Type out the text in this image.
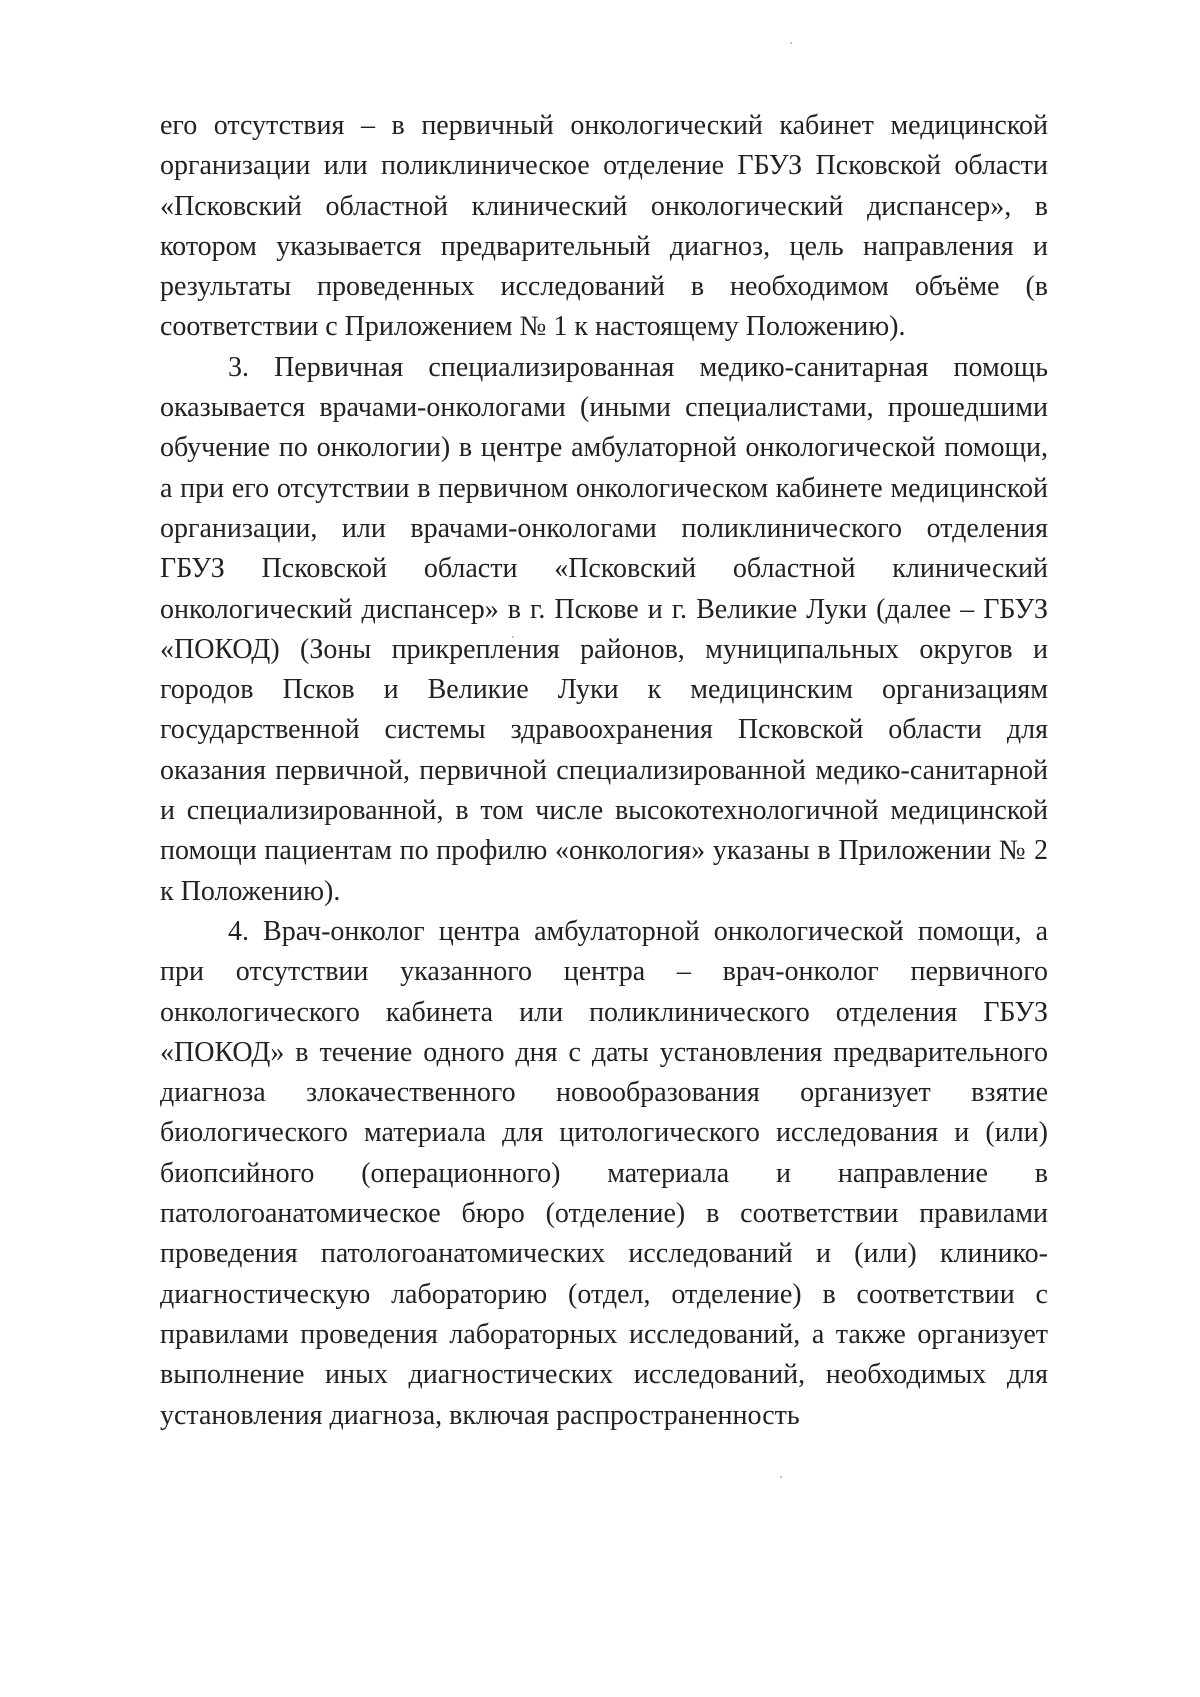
его отсутствия – в первичный онкологический кабинет медицинской организации или поликлиническое отделение ГБУЗ Псковской области «Псковский областной клинический онкологический диспансер», в котором указывается предварительный диагноз, цель направления и результаты проведенных исследований в необходимом объёме (в соответствии с Приложением № 1 к настоящему Положению).

3. Первичная специализированная медико-санитарная помощь оказывается врачами-онкологами (иными специалистами, прошедшими обучение по онкологии) в центре амбулаторной онкологической помощи, а при его отсутствии в первичном онкологическом кабинете медицинской организации, или врачами-онкологами поликлинического отделения ГБУЗ Псковской области «Псковский областной клинический онкологический диспансер» в г. Пскове и г. Великие Луки (далее – ГБУЗ «ПОКОД) (Зоны прикрепления районов, муниципальных округов и городов Псков и Великие Луки к медицинским организациям государственной системы здравоохранения Псковской области для оказания первичной, первичной специализированной медико-санитарной и специализированной, в том числе высокотехнологичной медицинской помощи пациентам по профилю «онкология» указаны в Приложении № 2 к Положению).

4. Врач-онколог центра амбулаторной онкологической помощи, а при отсутствии указанного центра – врач-онколог первичного онкологического кабинета или поликлинического отделения ГБУЗ «ПОКОД» в течение одного дня с даты установления предварительного диагноза злокачественного новообразования организует взятие биологического материала для цитологического исследования и (или) биопсийного (операционного) материала и направление в патологоанатомическое бюро (отделение) в соответствии правилами проведения патологоанатомических исследований и (или) клинико-диагностическую лабораторию (отдел, отделение) в соответствии с правилами проведения лабораторных исследований, а также организует выполнение иных диагностических исследований, необходимых для установления диагноза, включая распространенность
